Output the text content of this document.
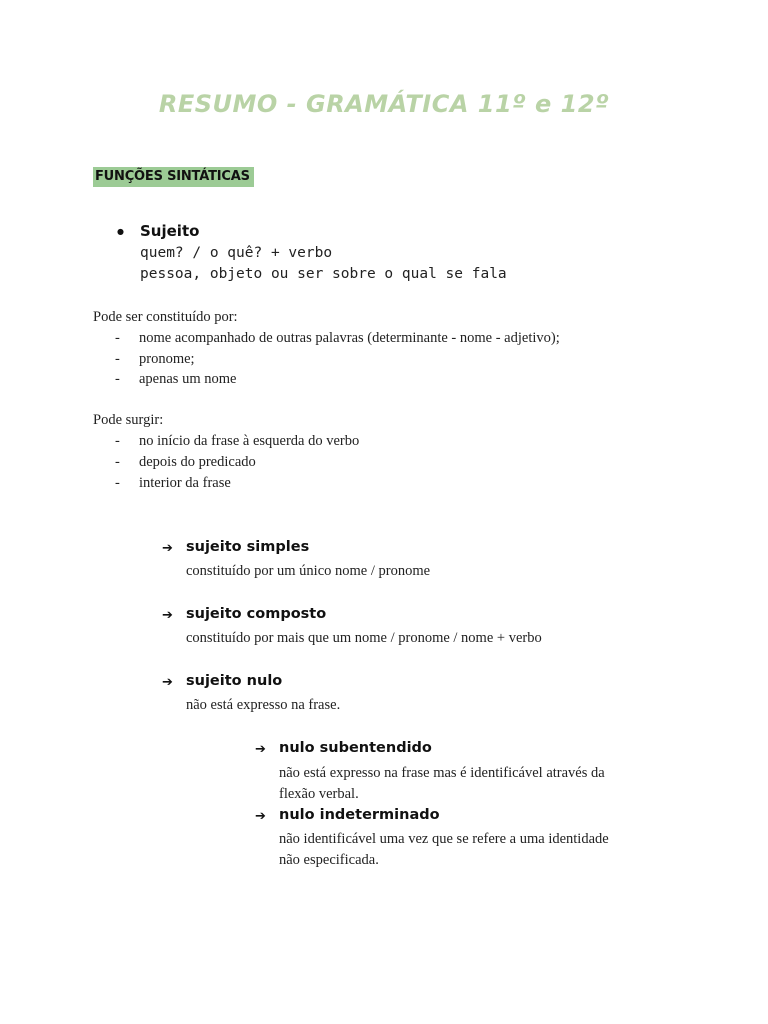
RESUMO - GRAMÁTICA 11º e 12º
FUNÇÕES SINTÁTICAS
● Sujeito
quem? / o quê? + verbo
pessoa, objeto ou ser sobre o qual se fala
Pode ser constituído por:
- nome acompanhado de outras palavras (determinante - nome - adjetivo);
- pronome;
- apenas um nome
Pode surgir:
- no início da frase à esquerda do verbo
- depois do predicado
- interior da frase
➔ sujeito simples
constituído por um único nome / pronome
➔ sujeito composto
constituído por mais que um nome / pronome / nome + verbo
➔ sujeito nulo
não está expresso na frase.
➔ nulo subentendido
não está expresso na frase mas é identificável através da
flexão verbal.
➔ nulo indeterminado
não identificável uma vez que se refere a uma identidade
não especificada.
